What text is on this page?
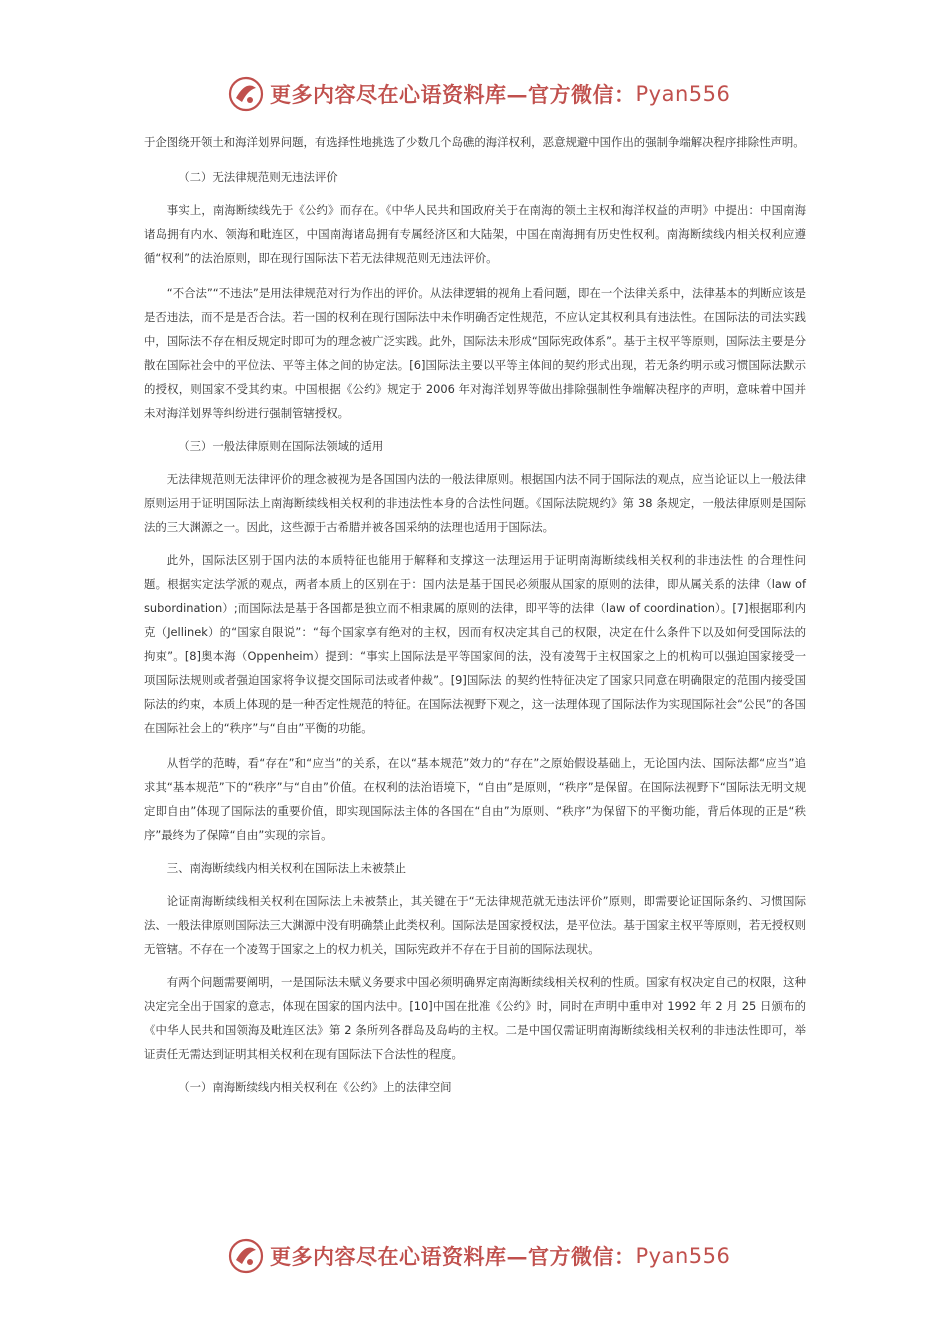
更多内容尽在心语资料库—官方微信： Pyan556

于企图绕开领土和海洋划界问题，有选择性地挑选了少数几个岛礁的海洋权利，恶意规避中国作出的强制争端解决程序排除性声明。

（二）无法律规范则无违法评价

事实上，南海断续线先于《公约》而存在。《中华人民共和国政府关于在南海的领土主权和海洋权益的声明》中提出：中国南海诸岛拥有内水、领海和毗连区，中国南海诸岛拥有专属经济区和大陆架，中国在南海拥有历史性权利。南海断续线内相关权利应遵循“权利”的法治原则，即在现行国际法下若无法律规范则无违法评价。

“不合法”“不违法”是用法律规范对行为作出的评价。从法律逻辑的视角上看问题，即在一个法律关系中，法律基本的判断应该是是否违法，而不是是否合法。若一国的权利在现行国际法中未作明确否定性规范，不应认定其权利具有违法性。在国际法的司法实践中，国际法不存在相反规定时即可为的理念被广泛实践。此外，国际法未形成“国际宪政体系”。基于主权平等原则，国际法主要是分散在国际社会中的平位法、平等主体之间的协定法。[6]国际法主要以平等主体间的契约形式出现，若无条约明示或习惯国际法默示的授权，则国家不受其约束。中国根据《公约》规定于 2006 年对海洋划界等做出排除强制性争端解决程序的声明，意味着中国并未对海洋划界等纠纷进行强制管辖授权。

（三）一般法律原则在国际法领域的适用

无法律规范则无法律评价的理念被视为是各国国内法的一般法律原则。根据国内法不同于国际法的观点，应当论证以上一般法律原则运用于证明国际法上南海断续线相关权利的非违法性本身的合法性问题。《国际法院规约》第 38 条规定，一般法律原则是国际法的三大渊源之一。因此，这些源于古希腊并被各国采纳的法理也适用于国际法。

此外，国际法区别于国内法的本质特征也能用于解释和支撑这一法理运用于证明南海断续线相关权利的非违法性 的合理性问题。根据实定法学派的观点，两者本质上的区别在于：国内法是基于国民必须服从国家的原则的法律，即从属关系的法律（law of subordination）;而国际法是基于各国都是独立而不相隶属的原则的法律，即平等的法律（law of coordination）。[7]根据耶利内克（Jellinek）的“国家自限说”：“每个国家享有绝对的主权，因而有权决定其自己的权限，决定在什么条件下以及如何受国际法的拘束”。[8]奥本海（Oppenheim）提到：“事实上国际法是平等国家间的法，没有凌驾于主权国家之上的机构可以强迫国家接受一项国际法规则或者强迫国家将争议提交国际司法或者仲裁”。[9]国际法 的契约性特征决定了国家只同意在明确限定的范围内接受国际法的约束，本质上体现的是一种否定性规范的特征。在国际法视野下观之，这一法理体现了国际法作为实现国际社会“公民”的各国在国际社会上的“秩序”与“自由”平衡的功能。

从哲学的范畴，看“存在”和“应当”的关系，在以“基本规范”效力的“存在”之原始假设基础上，无论国内法、国际法都“应当”追求其“基本规范”下的“秩序”与“自由”价值。在权利的法治语境下，“自由”是原则，“秩序”是保留。在国际法视野下“国际法无明文规定即自由”体现了国际法的重要价值，即实现国际法主体的各国在“自由”为原则、“秩序”为保留下的平衡功能，背后体现的正是“秩序”最终为了保障“自由”实现的宗旨。

三、南海断续线内相关权利在国际法上未被禁止

论证南海断续线相关权利在国际法上未被禁止，其关键在于“无法律规范就无违法评价”原则，即需要论证国际条约、习惯国际法、一般法律原则国际法三大渊源中没有明确禁止此类权利。国际法是国家授权法，是平位法。基于国家主权平等原则，若无授权则无管辖。不存在一个凌驾于国家之上的权力机关，国际宪政并不存在于目前的国际法现状。

有两个问题需要阐明，一是国际法未赋义务要求中国必须明确界定南海断续线相关权利的性质。国家有权决定自己的权限，这种决定完全出于国家的意志，体现在国家的国内法中。[10]中国在批准《公约》时，同时在声明中重申对 1992 年 2 月 25 日颁布的《中华人民共和国领海及毗连区法》第 2 条所列各群岛及岛屿的主权。二是中国仅需证明南海断续线相关权利的非违法性即可，举证责任无需达到证明其相关权利在现有国际法下合法性的程度。

（一）南海断续线内相关权利在《公约》上的法律空间

更多内容尽在心语资料库—官方微信： Pyan556
